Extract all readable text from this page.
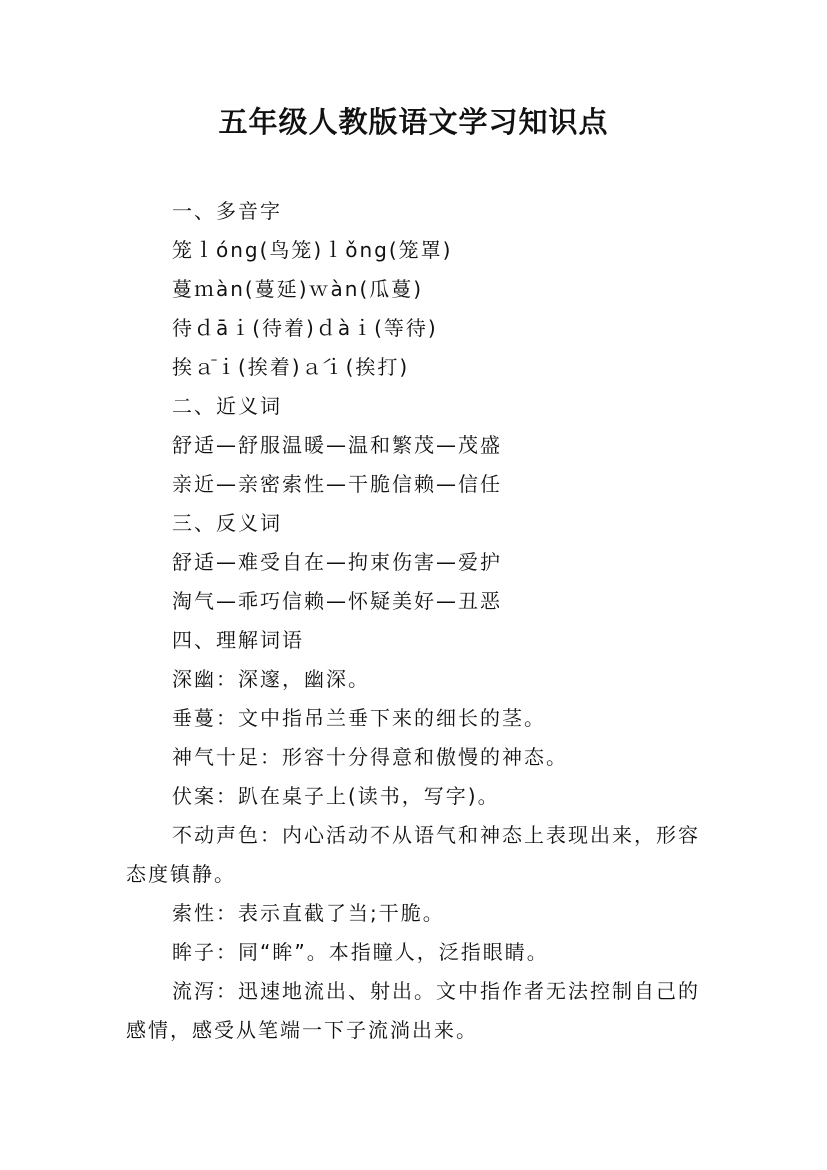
五年级人教版语文学习知识点

一、多音字

笼ｌóng(鸟笼)ｌǒng(笼罩)

蔓ｍàn(蔓延)ｗàn(瓜蔓)

待ｄāｉ(待着)ｄàｉ(等待)

挨ａ̄ｉ(挨着)ａ́ｉ(挨打)

二、近义词

舒适—舒服温暖—温和繁茂—茂盛

亲近—亲密索性—干脆信赖—信任

三、反义词

舒适—难受自在—拘束伤害—爱护

淘气—乖巧信赖—怀疑美好—丑恶

四、理解词语

深幽：深邃，幽深。

垂蔓：文中指吊兰垂下来的细长的茎。

神气十足：形容十分得意和傲慢的神态。

伏案：趴在桌子上(读书，写字)。

不动声色：内心活动不从语气和神态上表现出来，形容态度镇静。

索性：表示直截了当;干脆。

眸子：同“眸”。本指瞳人，泛指眼睛。

流泻：迅速地流出、射出。文中指作者无法控制自己的感情，感受从笔端一下子流淌出来。
